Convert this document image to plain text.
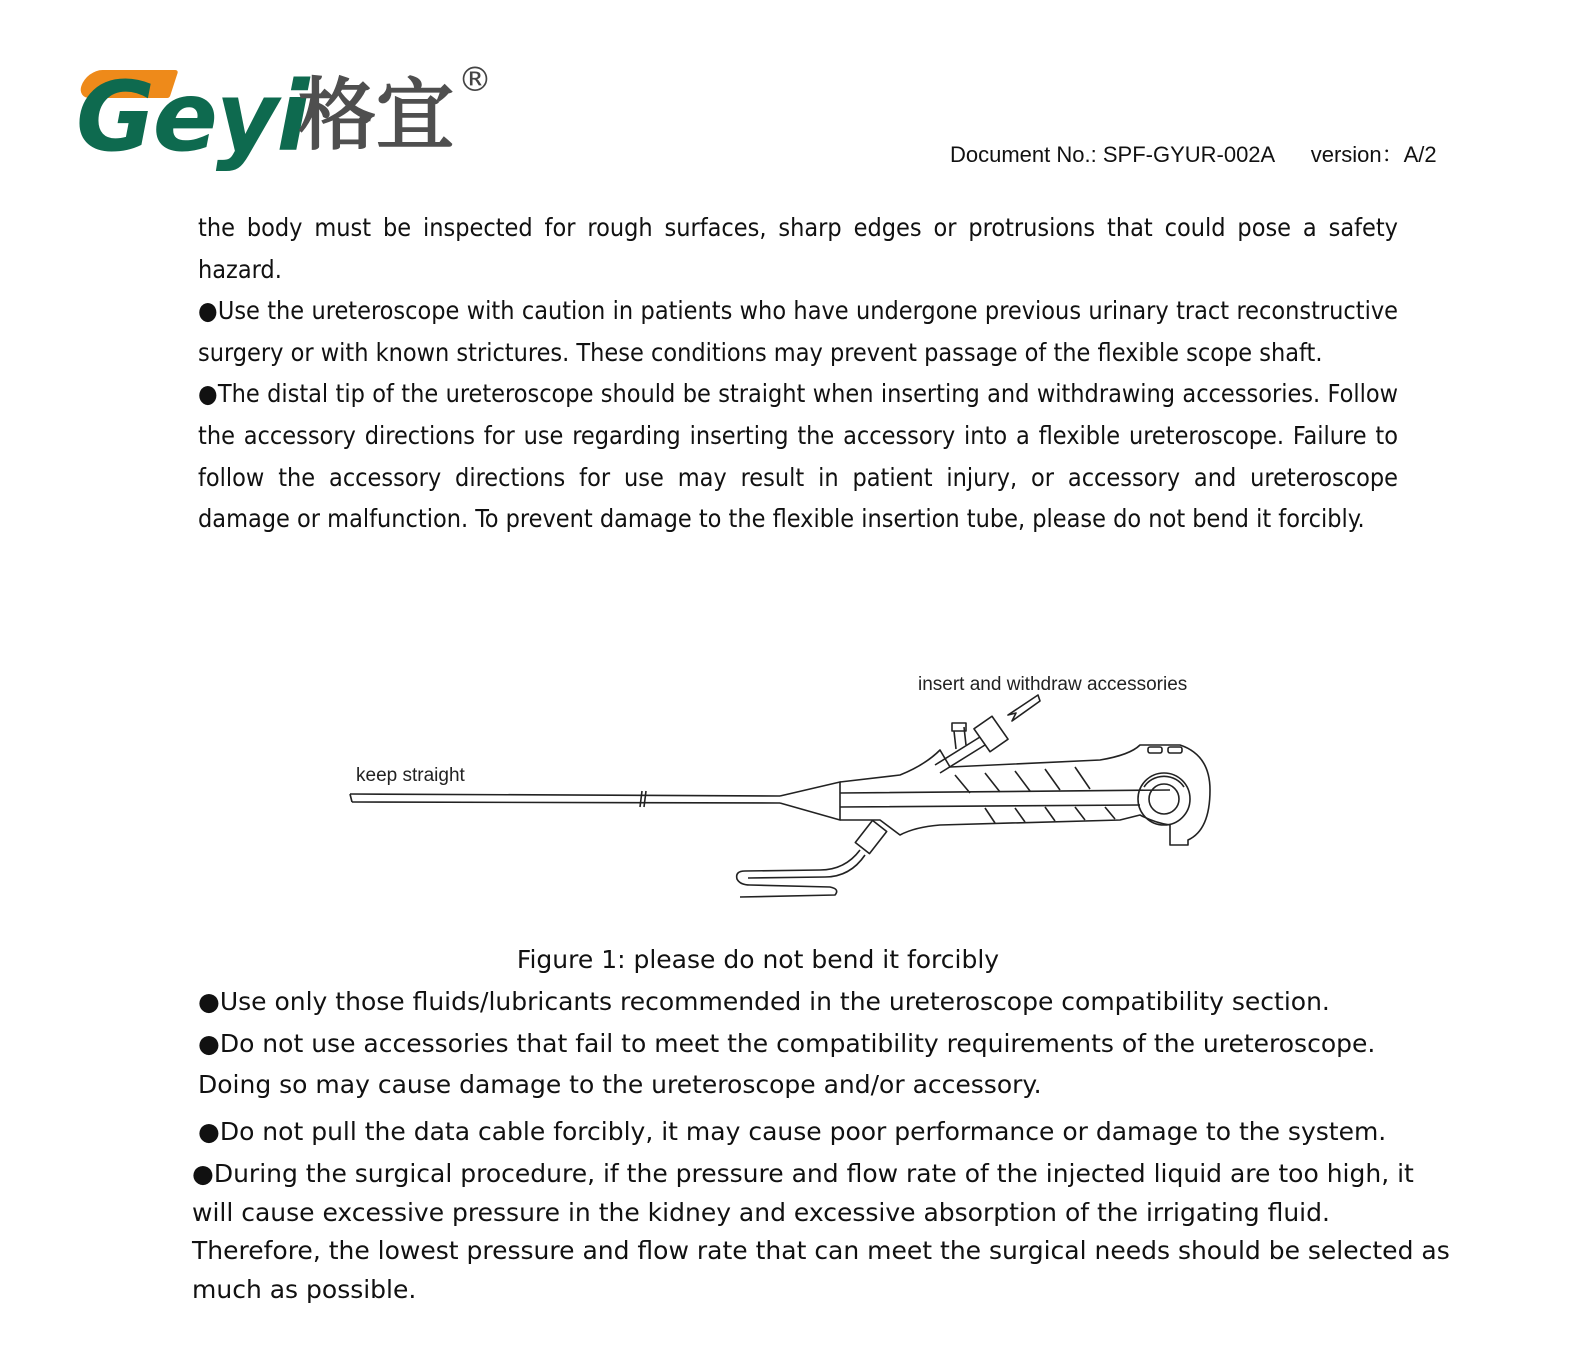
Geyi
格宜 ®
Document No.: SPF-GYUR-002A version：A/2

the body must be inspected for rough surfaces, sharp edges or protrusions that could pose a safety hazard.

●Use the ureteroscope with caution in patients who have undergone previous urinary tract reconstructive surgery or with known strictures. These conditions may prevent passage of the flexible scope shaft.

●The distal tip of the ureteroscope should be straight when inserting and withdrawing accessories. Follow the accessory directions for use regarding inserting the accessory into a flexible ureteroscope. Failure to follow the accessory directions for use may result in patient injury, or accessory and ureteroscope damage or malfunction. To prevent damage to the flexible insertion tube, please do not bend it forcibly.

keep straight
insert and withdraw accessories
Figure 1: please do not bend it forcibly
●Use only those fluids/lubricants recommended in the ureteroscope compatibility section.
●Do not use accessories that fail to meet the compatibility requirements of the ureteroscope.
Doing so may cause damage to the ureteroscope and/or accessory.
●Do not pull the data cable forcibly, it may cause poor performance or damage to the system.
●During the surgical procedure, if the pressure and flow rate of the injected liquid are too high, it
will cause excessive pressure in the kidney and excessive absorption of the irrigating fluid.
Therefore, the lowest pressure and flow rate that can meet the surgical needs should be selected as
much as possible.
